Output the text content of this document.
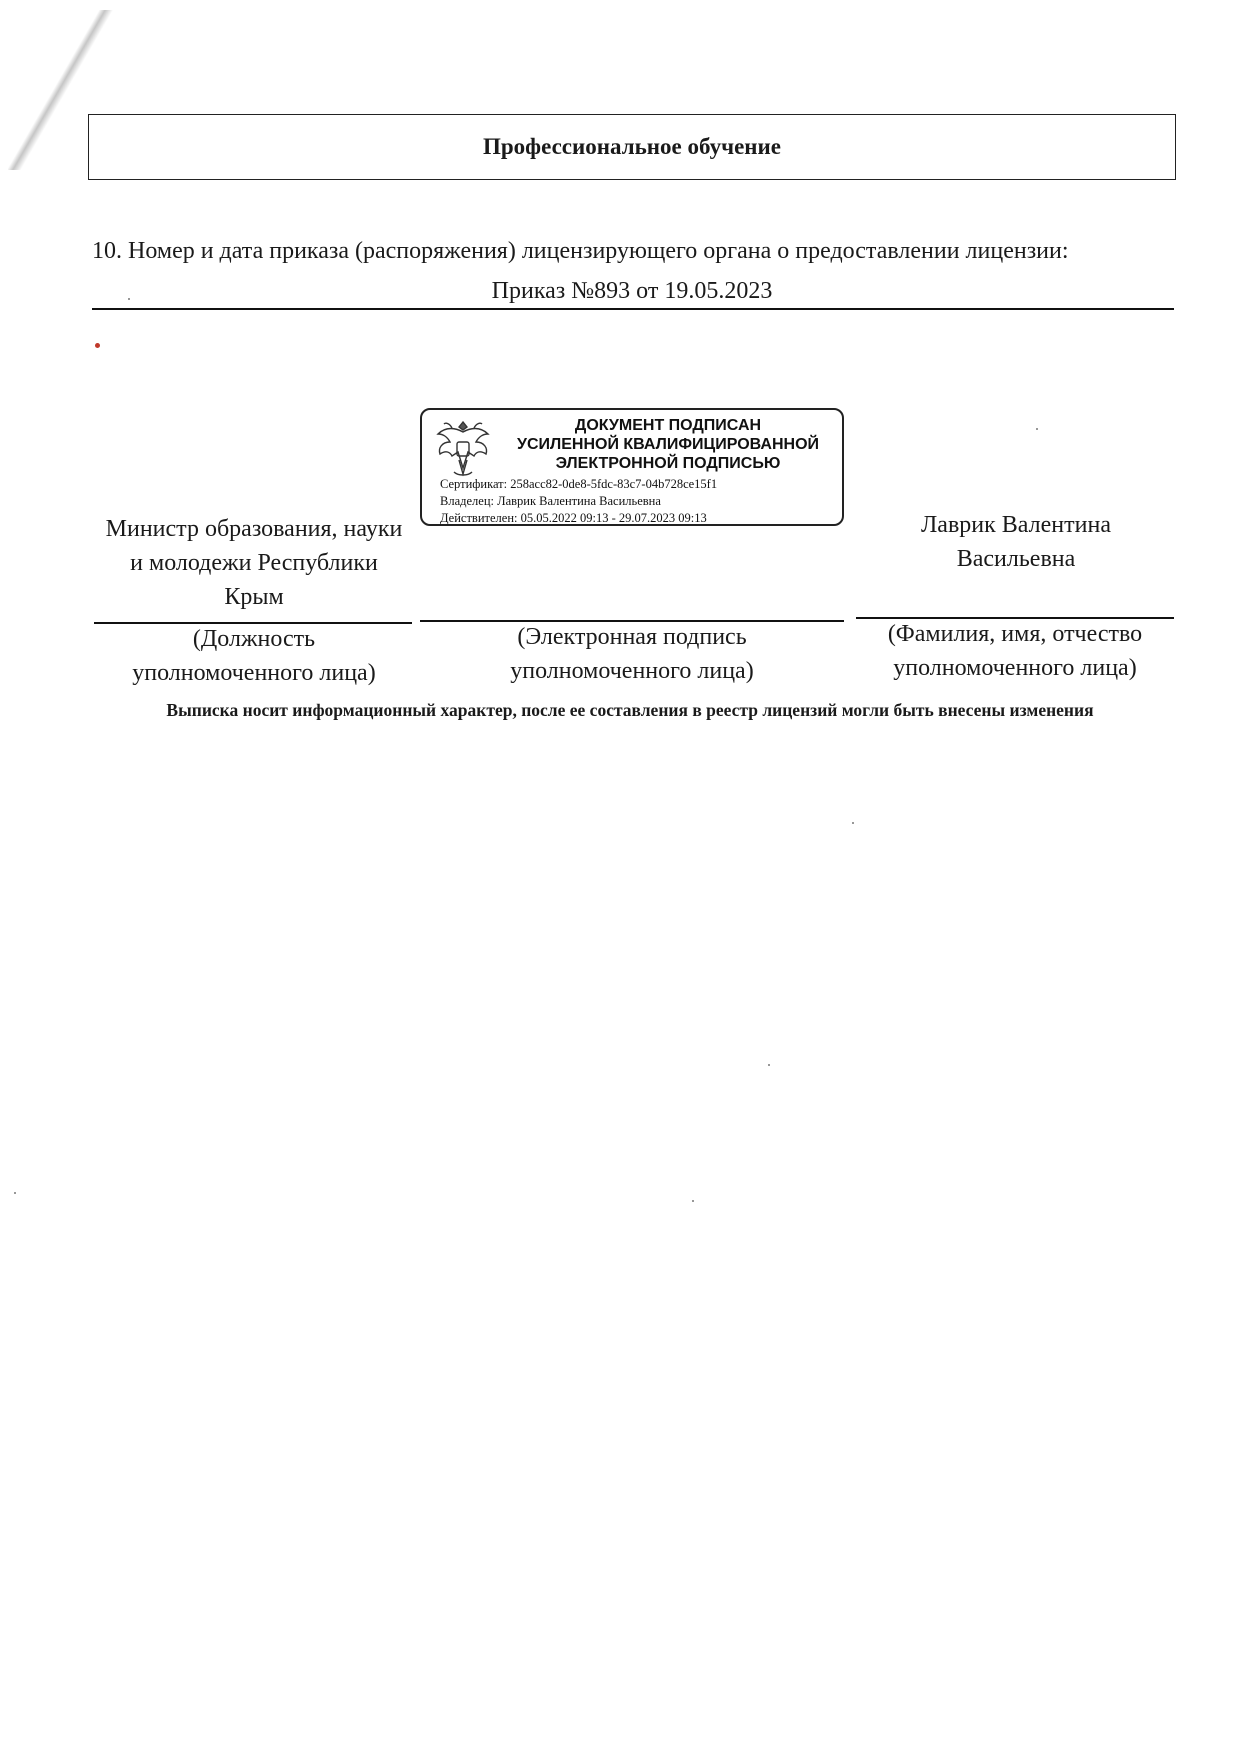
Профессиональное обучение
10. Номер и дата приказа (распоряжения) лицензирующего органа о предоставлении лицензии:
Приказ №893 от 19.05.2023
ДОКУМЕНТ ПОДПИСАН
УСИЛЕННОЙ КВАЛИФИЦИРОВАННОЙ
ЭЛЕКТРОННОЙ ПОДПИСЬЮ
Сертификат: 258acc82-0de8-5fdc-83c7-04b728ce15f1
Владелец: Лаврик Валентина Васильевна
Действителен: 05.05.2022 09:13 - 29.07.2023 09:13
Министр образования, науки
и молодежи Республики
Крым
Лаврик Валентина
Васильевна
(Должность
уполномоченного лица)
(Электронная подпись
уполномоченного лица)
(Фамилия, имя, отчество
уполномоченного лица)
Выписка носит информационный характер, после ее составления в реестр лицензий могли быть внесены изменения
